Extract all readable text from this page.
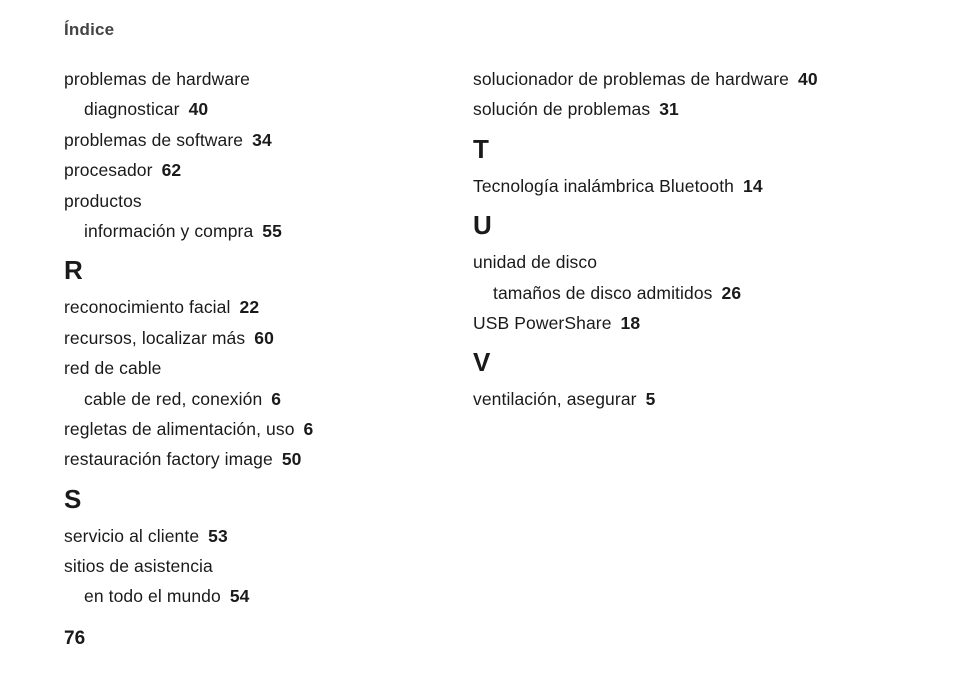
Índice
problemas de hardware
diagnosticar 40
problemas de software 34
procesador 62
productos
información y compra 55
R
reconocimiento facial 22
recursos, localizar más 60
red de cable
cable de red, conexión 6
regletas de alimentación, uso 6
restauración factory image 50
S
servicio al cliente 53
sitios de asistencia
en todo el mundo 54
solucionador de problemas de hardware 40
solución de problemas 31
T
Tecnología inalámbrica Bluetooth 14
U
unidad de disco
tamaños de disco admitidos 26
USB PowerShare 18
V
ventilación, asegurar 5
76
